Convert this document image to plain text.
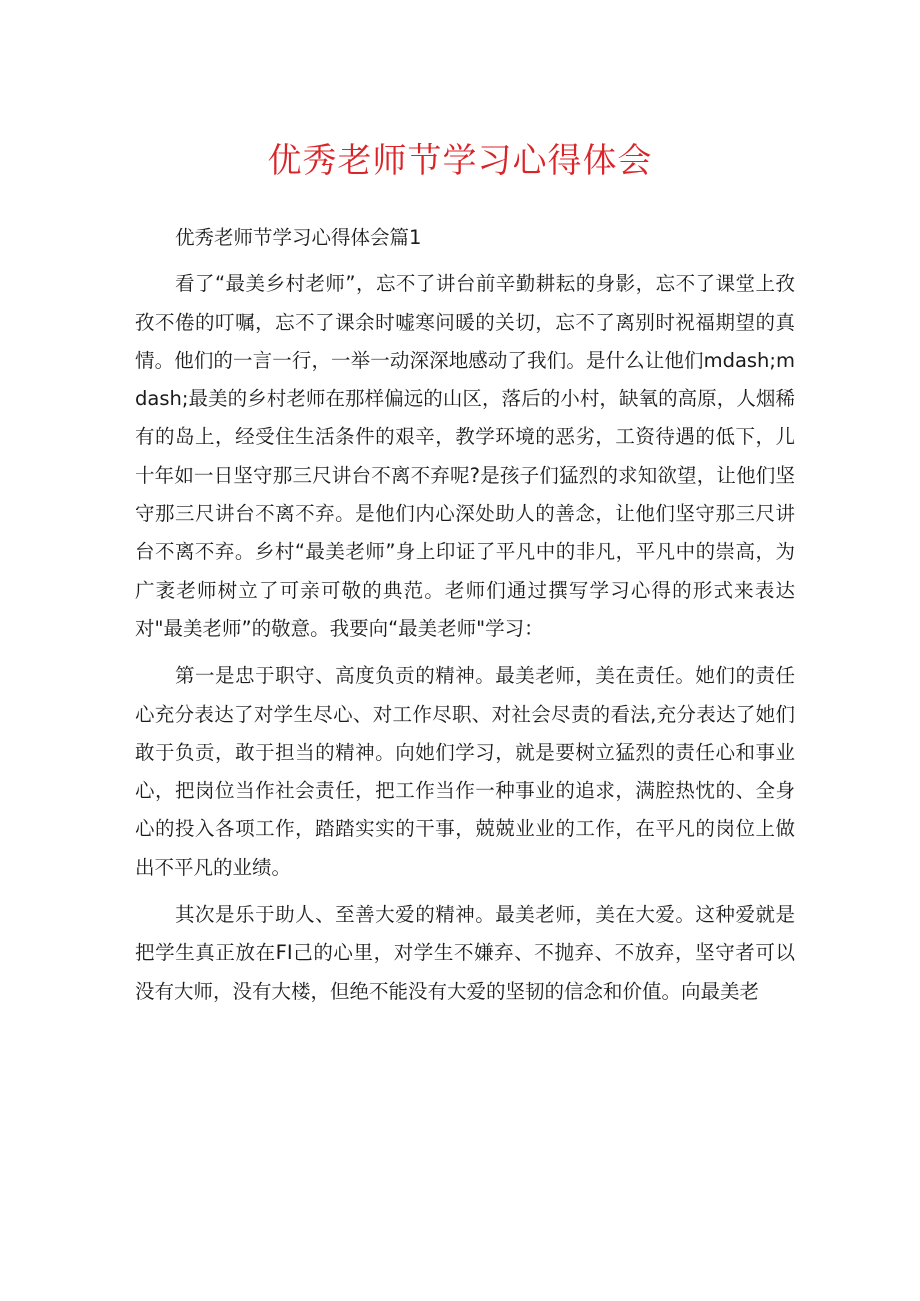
优秀老师节学习心得体会

优秀老师节学习心得体会篇1

看了“最美乡村老师”，忘不了讲台前辛勤耕耘的身影，忘不了课堂上孜孜不倦的叮嘱，忘不了课余时嘘寒问暖的关切，忘不了离别时祝福期望的真情。他们的一言一行，一举一动深深地感动了我们。是什么让他们mdash;mdash;最美的乡村老师在那样偏远的山区，落后的小村，缺氧的高原，人烟稀有的岛上，经受住生活条件的艰辛，教学环境的恶劣，工资待遇的低下，儿十年如一日坚守那三尺讲台不离不弃呢?是孩子们猛烈的求知欲望，让他们坚守那三尺讲台不离不弃。是他们内心深处助人的善念，让他们坚守那三尺讲台不离不弃。乡村“最美老师”身上印证了平凡中的非凡，平凡中的崇高，为广袤老师树立了可亲可敬的典范。老师们通过撰写学习心得的形式来表达对"最美老师”的敬意。我要向“最美老师"学习：

第一是忠于职守、高度负贡的精神。最美老师，美在责任。她们的责任心充分表达了对学生尽心、对工作尽职、对社会尽责的看法,充分表达了她们敢于负贡，敢于担当的精神。向她们学习，就是要树立猛烈的责任心和事业心，把岗位当作社会责任，把工作当作一种事业的追求，满腔热忱的、全身心的投入各项工作，踏踏实实的干事，兢兢业业的工作，在平凡的岗位上做出不平凡的业绩。

其次是乐于助人、至善大爱的精神。最美老师，美在大爱。这种爱就是把学生真正放在FI己的心里，对学生不嫌弃、不抛弃、不放弃，坚守者可以没有大师，没有大楼，但绝不能没有大爱的坚韧的信念和价值。向最美老
